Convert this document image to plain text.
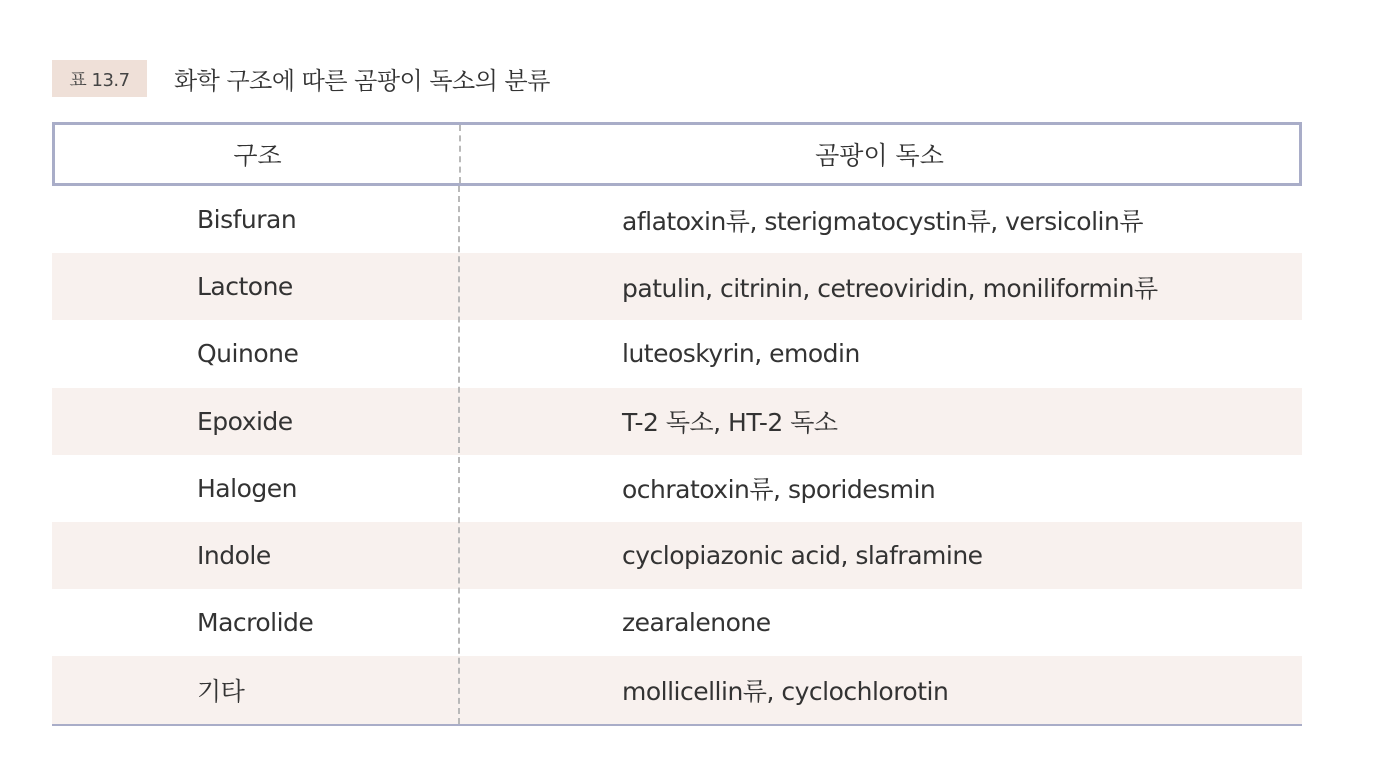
표 13.7	화학 구조에 따른 곰팡이 독소의 분류
구조	곰팡이 독소
Bisfuran	aflatoxin류, sterigmatocystin류, versicolin류
Lactone	patulin, citrinin, cetreoviridin, moniliformin류
Quinone	luteoskyrin, emodin
Epoxide	T-2 독소, HT-2 독소
Halogen	ochratoxin류, sporidesmin
Indole	cyclopiazonic acid, slaframine
Macrolide	zearalenone
기타	mollicellin류, cyclochlorotin
